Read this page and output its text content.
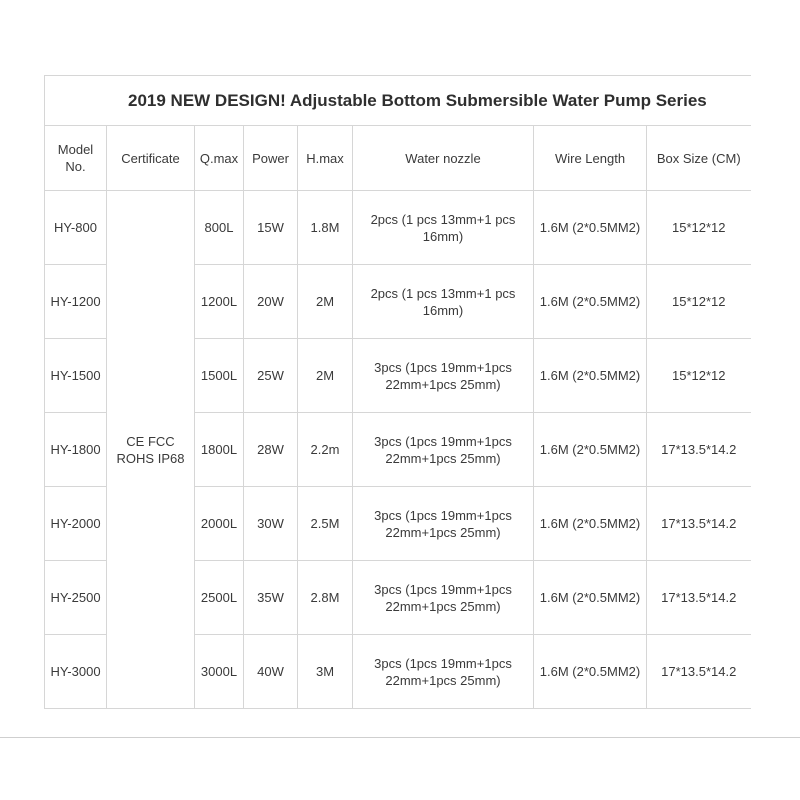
2019 NEW DESIGN! Adjustable Bottom Submersible Water Pump Series							
Model No.	Certificate	Q.max	Power	H.max	Water nozzle	Wire Length	Box Size (CM)
HY-800	CE FCC ROHS IP68	800L	15W	1.8M	2pcs (1 pcs 13mm+1 pcs 16mm)	1.6M (2*0.5MM2)	15*12*12
HY-1200		1200L	20W	2M	2pcs (1 pcs 13mm+1 pcs 16mm)	1.6M (2*0.5MM2)	15*12*12
HY-1500		1500L	25W	2M	3pcs (1pcs 19mm+1pcs 22mm+1pcs 25mm)	1.6M (2*0.5MM2)	15*12*12
HY-1800		1800L	28W	2.2m	3pcs (1pcs 19mm+1pcs 22mm+1pcs 25mm)	1.6M (2*0.5MM2)	17*13.5*14.2
HY-2000		2000L	30W	2.5M	3pcs (1pcs 19mm+1pcs 22mm+1pcs 25mm)	1.6M (2*0.5MM2)	17*13.5*14.2
HY-2500		2500L	35W	2.8M	3pcs (1pcs 19mm+1pcs 22mm+1pcs 25mm)	1.6M (2*0.5MM2)	17*13.5*14.2
HY-3000		3000L	40W	3M	3pcs (1pcs 19mm+1pcs 22mm+1pcs 25mm)	1.6M (2*0.5MM2)	17*13.5*14.2
